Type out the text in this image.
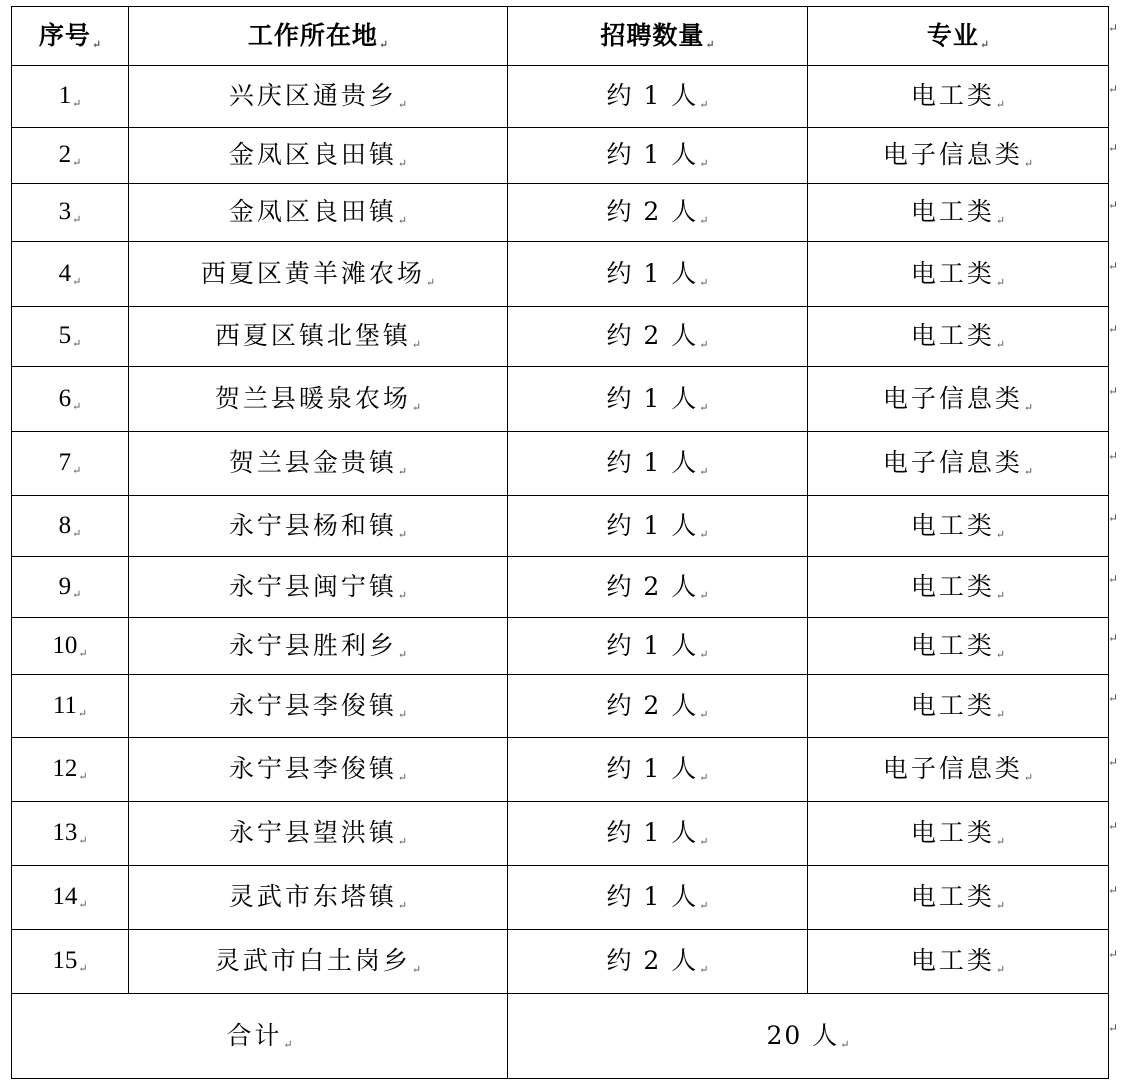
序号↵	工作所在地↵	招聘数量↵	专业↵
1↵	兴庆区通贵乡↵	约 1 人↵	电工类↵
2↵	金凤区良田镇↵	约 1 人↵	电子信息类↵
3↵	金凤区良田镇↵	约 2 人↵	电工类↵
4↵	西夏区黄羊滩农场↵	约 1 人↵	电工类↵
5↵	西夏区镇北堡镇↵	约 2 人↵	电工类↵
6↵	贺兰县暖泉农场↵	约 1 人↵	电子信息类↵
7↵	贺兰县金贵镇↵	约 1 人↵	电子信息类↵
8↵	永宁县杨和镇↵	约 1 人↵	电工类↵
9↵	永宁县闽宁镇↵	约 2 人↵	电工类↵
10↵	永宁县胜利乡↵	约 1 人↵	电工类↵
11↵	永宁县李俊镇↵	约 2 人↵	电工类↵
12↵	永宁县李俊镇↵	约 1 人↵	电子信息类↵
13↵	永宁县望洪镇↵	约 1 人↵	电工类↵
14↵	灵武市东塔镇↵	约 1 人↵	电工类↵
15↵	灵武市白土岗乡↵	约 2 人↵	电工类↵
合计↵		20 人↵	
↵
↵
↵
↵
↵
↵
↵
↵
↵
↵
↵
↵
↵
↵
↵
↵
↵
